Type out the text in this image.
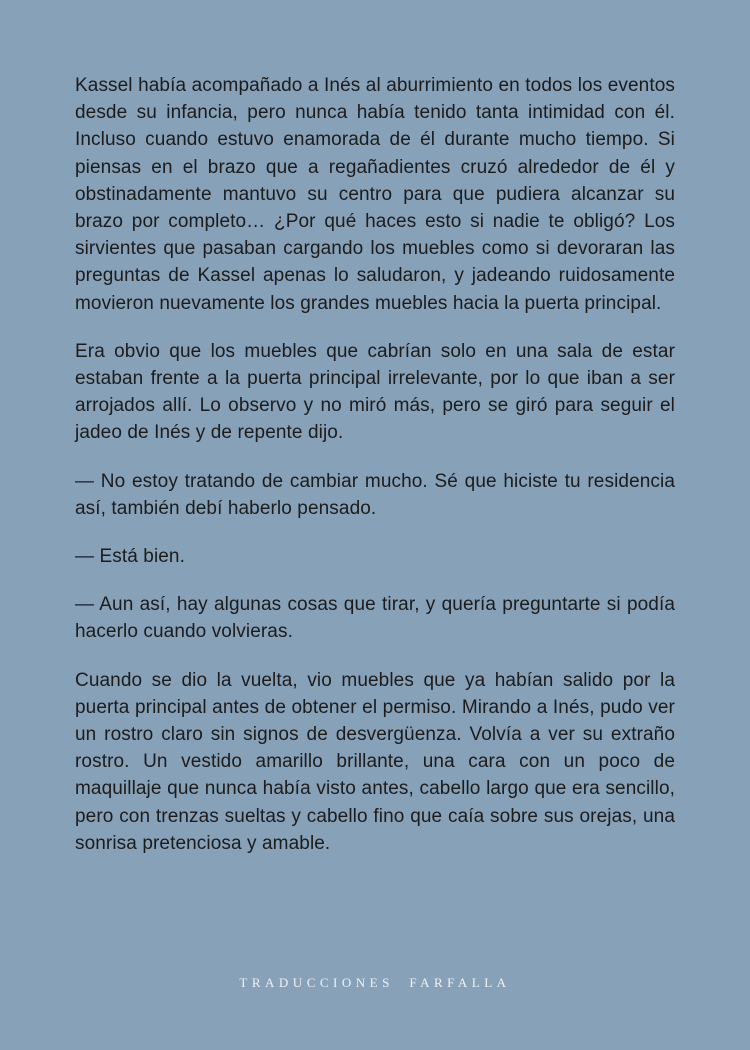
Kassel había acompañado a Inés al aburrimiento en todos los eventos desde su infancia, pero nunca había tenido tanta intimidad con él. Incluso cuando estuvo enamorada de él durante mucho tiempo. Si piensas en el brazo que a regañadientes cruzó alrededor de él y obstinadamente mantuvo su centro para que pudiera alcanzar su brazo por completo… ¿Por qué haces esto si nadie te obligó? Los sirvientes que pasaban cargando los muebles como si devoraran las preguntas de Kassel apenas lo saludaron, y jadeando ruidosamente movieron nuevamente los grandes muebles hacia la puerta principal.

Era obvio que los muebles que cabrían solo en una sala de estar estaban frente a la puerta principal irrelevante, por lo que iban a ser arrojados allí. Lo observo y no miró más, pero se giró para seguir el jadeo de Inés y de repente dijo.

— No estoy tratando de cambiar mucho. Sé que hiciste tu residencia así, también debí haberlo pensado.

— Está bien.

— Aun así, hay algunas cosas que tirar, y quería preguntarte si podía hacerlo cuando volvieras.

Cuando se dio la vuelta, vio muebles que ya habían salido por la puerta principal antes de obtener el permiso. Mirando a Inés, pudo ver un rostro claro sin signos de desvergüenza. Volvía a ver su extraño rostro. Un vestido amarillo brillante, una cara con un poco de maquillaje que nunca había visto antes, cabello largo que era sencillo, pero con trenzas sueltas y cabello fino que caía sobre sus orejas, una sonrisa pretenciosa y amable.

TRADUCCIONES  FARFALLA
